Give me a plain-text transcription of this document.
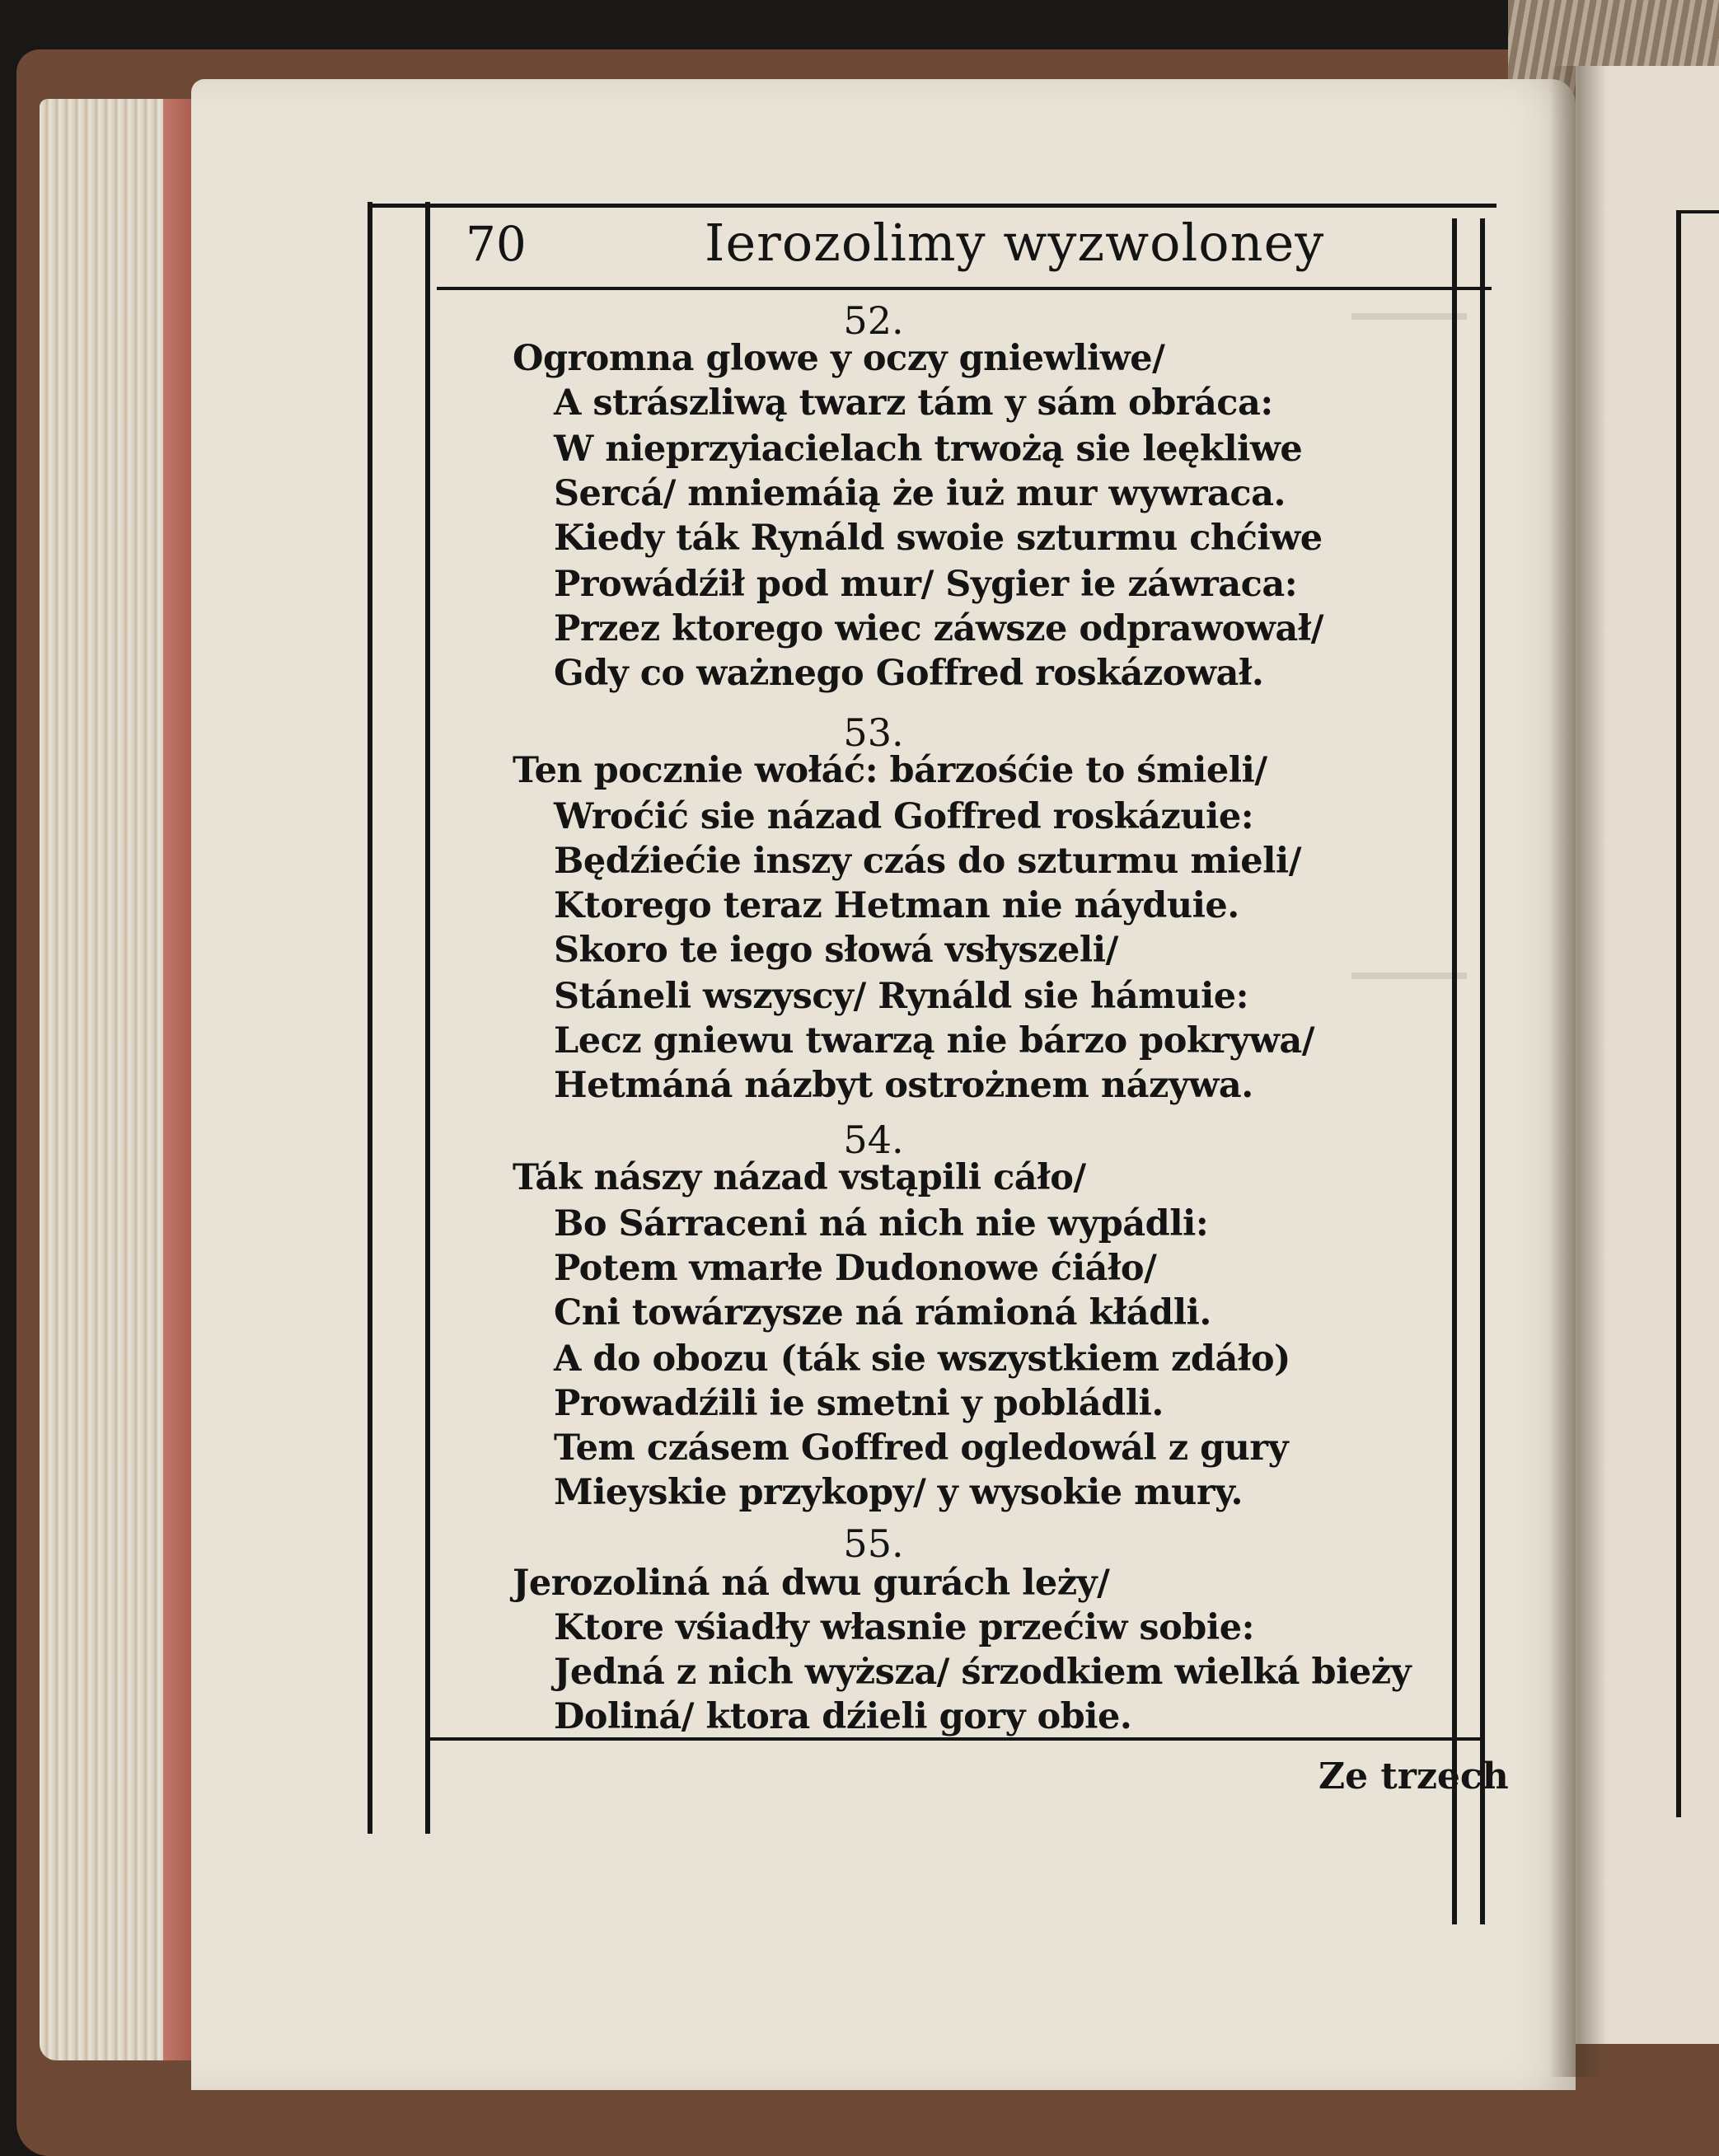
70	Ierozolimy wyzwoloney
52.
Ogromna glowe y oczy gniewliwe/
A strászliwą twarz tám y sám obráca:
W nieprzyiacielach trwożą sie leękliwe
Sercá/ mniemáią że iuż mur wywraca.
Kiedy ták Rynáld swoie szturmu chćiwe
Prowádźił pod mur/ Sygier ie záwraca:
Przez ktorego wiec záwsze odprawował/
Gdy co ważnego Goffred roskázował.
53.
Ten pocznie wołáć: bárzośćie to śmieli/
Wroćić sie názad Goffred roskázuie:
Będźiećie inszy czás do szturmu mieli/
Ktorego teraz Hetman nie náyduie.
Skoro te iego słowá vsłyszeli/
Stáneli wszyscy/ Rynáld sie hámuie:
Lecz gniewu twarzą nie bárzo pokrywa/
Hetmáná názbyt ostrożnem názywa.
54.
Ták nászy názad vstąpili cáło/
Bo Sárraceni ná nich nie wypádli:
Potem vmarłe Dudonowe ćiáło/
Cni towárzysze ná rámioná kłádli.
A do obozu (ták sie wszystkiem zdáło)
Prowadźili ie smetni y pobládli.
Tem czásem Goffred ogledowál z gury
Mieyskie przykopy/ y wysokie mury.
55.
Jerozoliná ná dwu gurách leży/
Ktore vśiadły własnie przećiw sobie:
Jedná z nich wyższa/ śrzodkiem wielká bieży
Doliná/ ktora dźieli gory obie.
Ze trzech
